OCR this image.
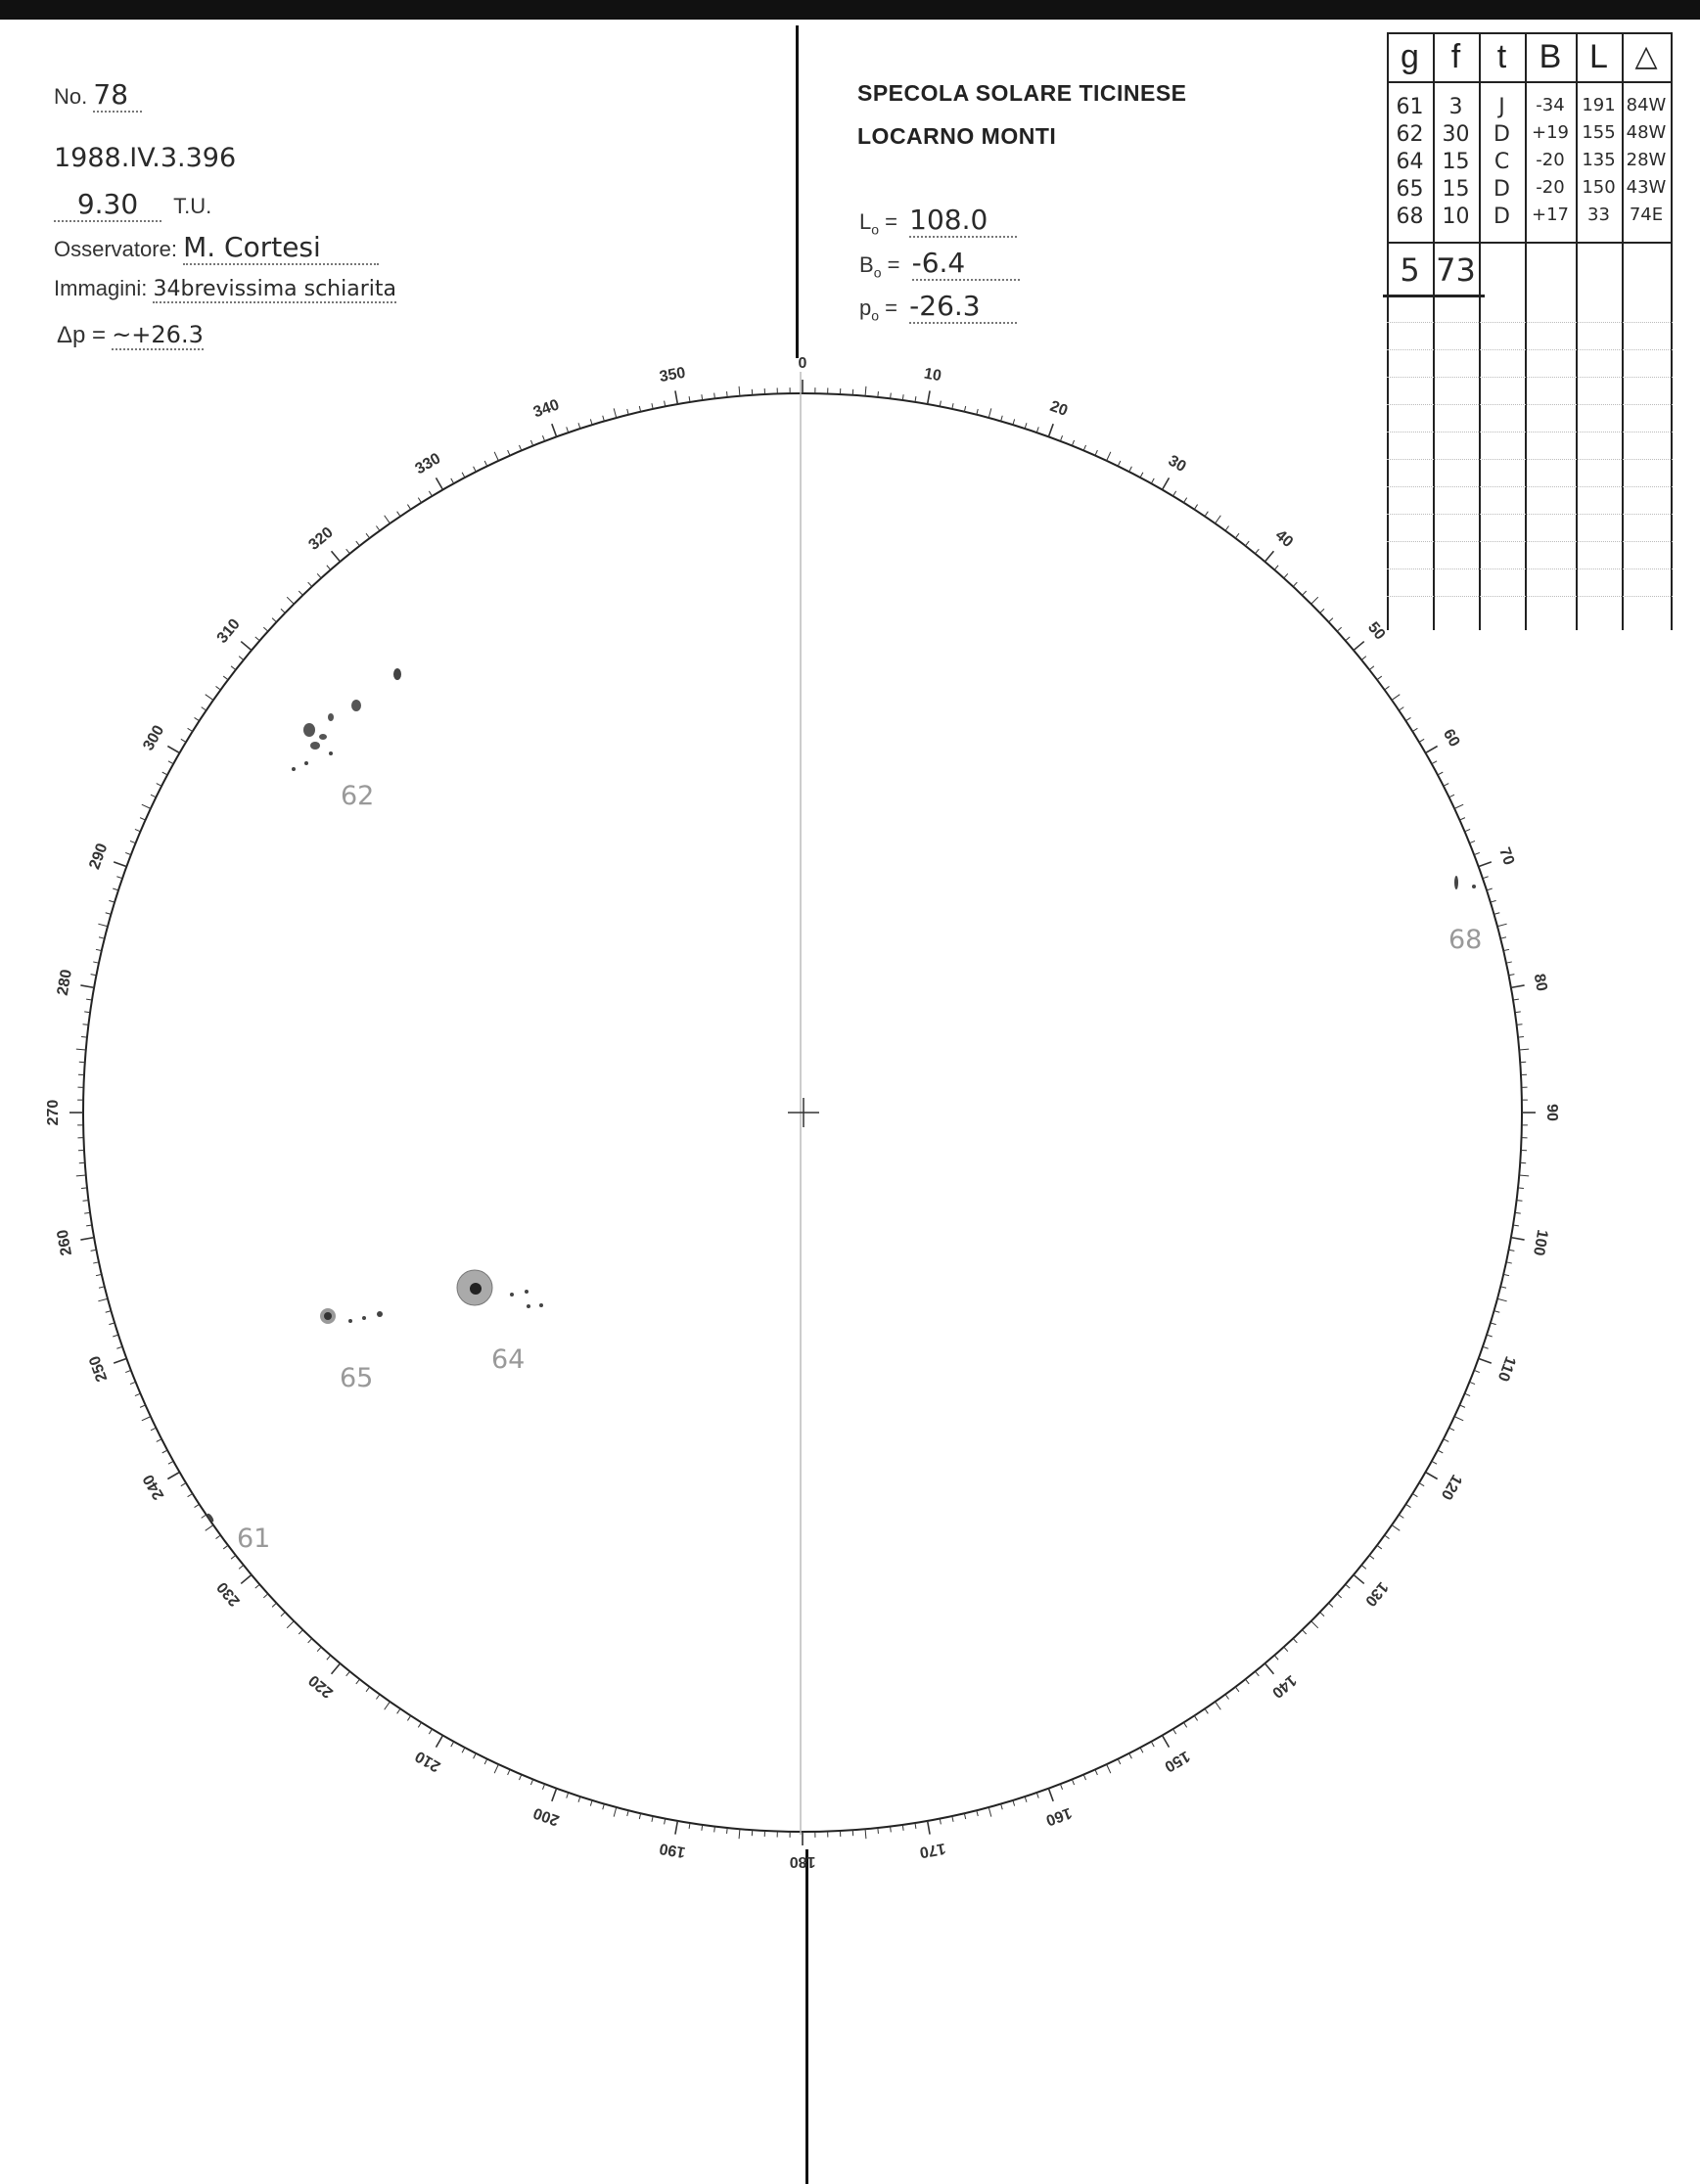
No. 78
1988.IV.3.396
9.30 T.U.
Osservatore: M. Cortesi
Immagini: 34brevissima schiarita
Δp = ~+26.3
SPECOLA SOLARE TICINESE
LOCARNO MONTI
$L_o = 108.0$
$B_o = -6.4$
$p_o = -26.3$
g f	t B L △
61	3	J	-34 191 84W
62 30	D	+19 155 48W
64 15	C	-20 135 28W
65 15	D	-20 150 43W
68 10	D	+17	33	74E
5 73
0
10
20
30
40
50
60
70
80
90
100
110
120
130
140
150
160
170
180
190
200
210
220
230
240
250
260
270
280
290
300
310
320
330
340
350
62
68
65
64
61
